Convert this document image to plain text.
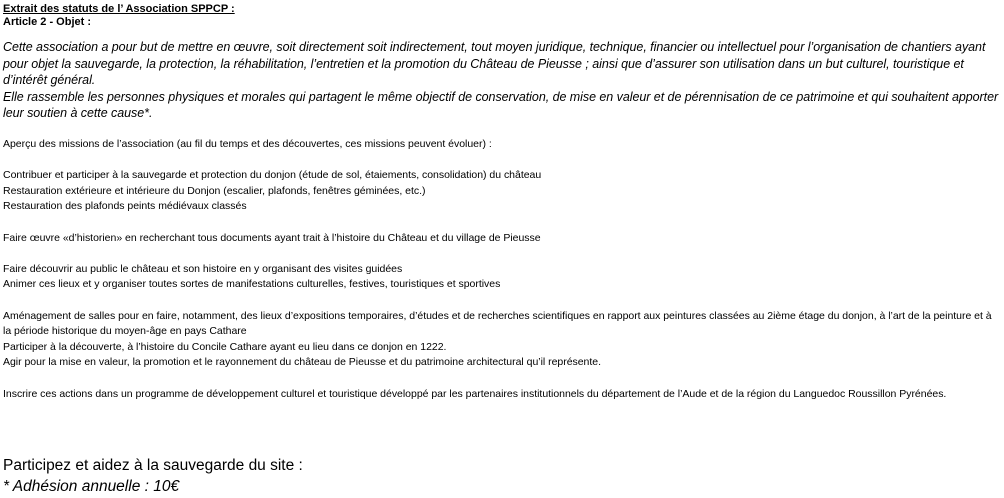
Extrait des statuts de l’ Association SPPCP :
Article 2 - Objet :

Cette association a pour but de mettre en œuvre, soit directement soit indirectement, tout moyen juridique, technique, financier ou intellectuel pour l’organisation de chantiers ayant pour objet la sauvegarde, la protection, la réhabilitation, l’entretien et la promotion du Château de Pieusse ; ainsi que d’assurer son utilisation dans un but culturel, touristique et d’intérêt général.

Elle rassemble les personnes physiques et morales qui partagent le même objectif de conservation, de mise en valeur et de pérennisation de ce patrimoine et qui souhaitent apporter leur soutien à cette cause*.

Aperçu des missions de l’association (au fil du temps et des découvertes, ces missions peuvent évoluer) :

Contribuer et participer à la sauvegarde et protection du donjon (étude de sol, étaiements, consolidation) du château

Restauration extérieure et intérieure du Donjon (escalier, plafonds, fenêtres géminées, etc.)

Restauration des plafonds peints médiévaux classés

Faire œuvre «d’historien» en recherchant tous documents ayant trait à l’histoire du Château et du village de Pieusse

Faire découvrir au public le château et son histoire en y organisant des visites guidées

Animer ces lieux et y organiser toutes sortes de manifestations culturelles, festives, touristiques et sportives

Aménagement de salles pour en faire, notamment, des lieux d’expositions temporaires, d’études et de recherches scientifiques en rapport aux peintures classées au 2ième étage du donjon, à l’art de la peinture et à la période historique du moyen-âge en pays Cathare

Participer à la découverte, à l’histoire du Concile Cathare ayant eu lieu dans ce donjon en 1222.

Agir pour la mise en valeur, la promotion et le rayonnement du château de Pieusse et du patrimoine architectural qu’il représente.

Inscrire ces actions dans un programme de développement culturel et touristique développé par les partenaires institutionnels du département de l’Aude et de la région du Languedoc Roussillon Pyrénées.

Participez et aidez à la sauvegarde du site :
* Adhésion annuelle : 10€
